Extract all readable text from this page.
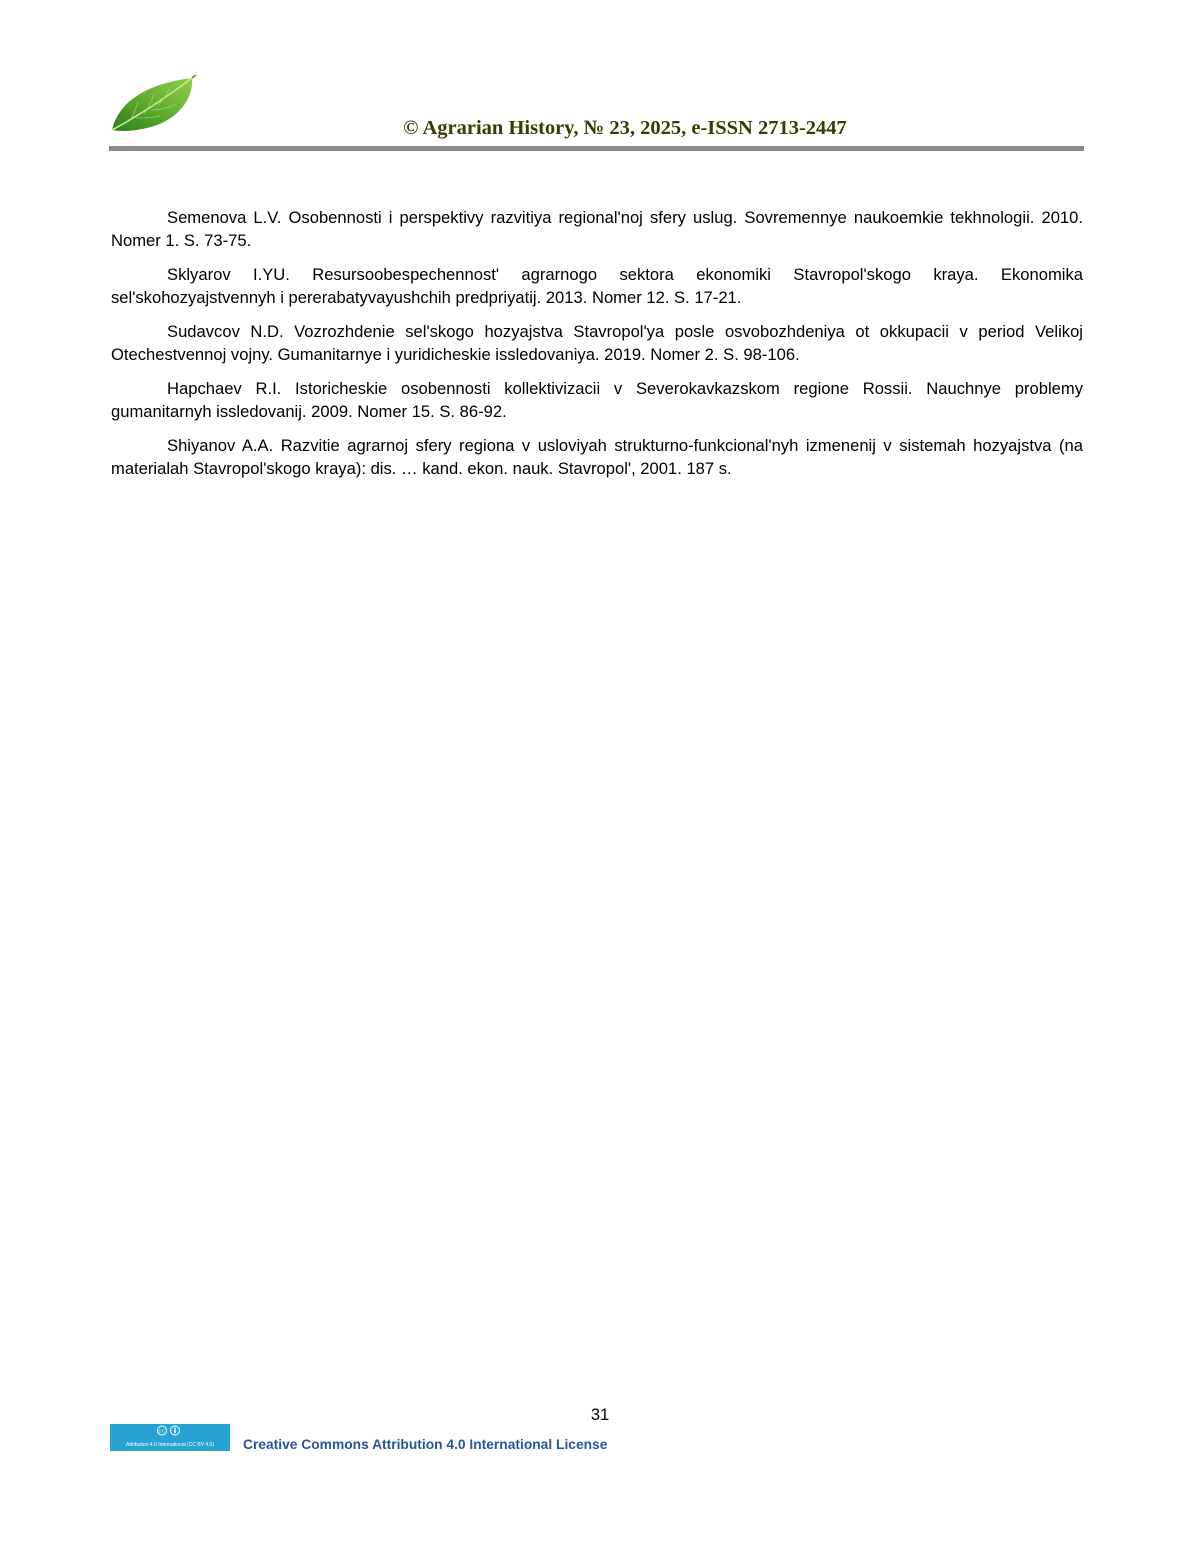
© Agrarian History, № 23, 2025, e-ISSN 2713-2447

Semenova L.V. Osobennosti i perspektivy razvitiya regional'noj sfery uslug. Sovremennye naukoemkie tekhnologii. 2010. Nomer 1. S. 73-75.

Sklyarov I.YU. Resursoobespechennost' agrarnogo sektora ekonomiki Stavropol'skogo kraya. Ekonomika sel'skohozyajstvennyh i pererabatyvayushchih predpriyatij. 2013. Nomer 12. S. 17-21.

Sudavcov N.D. Vozrozhdenie sel'skogo hozyajstva Stavropol'ya posle osvobozhdeniya ot okkupacii v period Velikoj Otechestvennoj vojny. Gumanitarnye i yuridicheskie issledovaniya. 2019. Nomer 2. S. 98-106.

Hapchaev R.I. Istoricheskie osobennosti kollektivizacii v Severokavkazskom regione Rossii. Nauchnye problemy gumanitarnyh issledovanij. 2009. Nomer 15. S. 86-92.

Shiyanov A.A. Razvitie agrarnoj sfery regiona v usloviyah strukturno-funkcional'nyh izmenenij v sistemah hozyajstva (na materialah Stavropol'skogo kraya): dis. … kand. ekon. nauk. Stavropol', 2001. 187 s.

31
cc
Attribution 4.0 International (CC BY 4.0)	Creative Commons Attribution 4.0 International License
